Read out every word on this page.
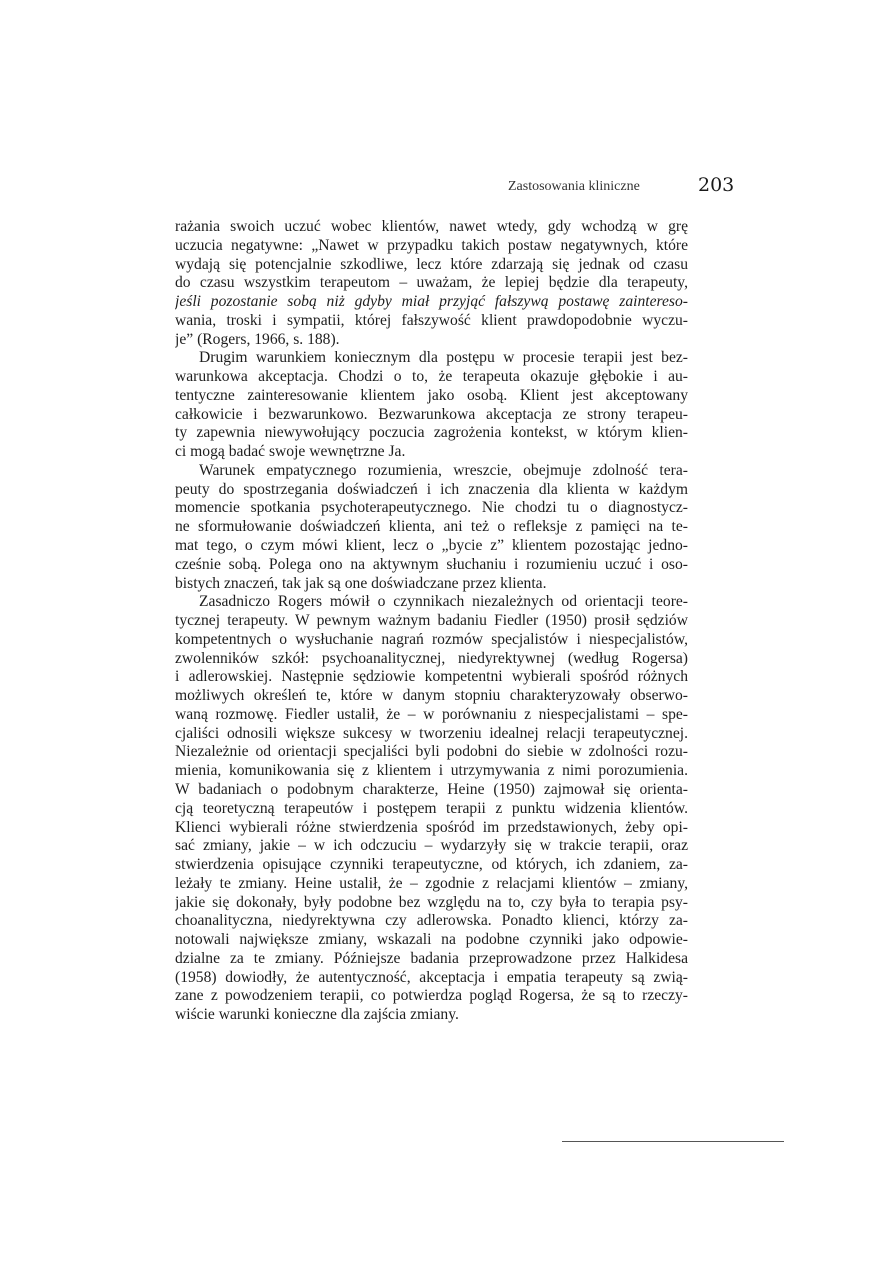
Zastosowania kliniczne	203
rażania swoich uczuć wobec klientów, nawet wtedy, gdy wchodzą w grę
uczucia negatywne: „Nawet w przypadku takich postaw negatywnych, które
wydają się potencjalnie szkodliwe, lecz które zdarzają się jednak od czasu
do czasu wszystkim terapeutom – uważam, że lepiej będzie dla terapeuty,
jeśli pozostanie sobą niż gdyby miał przyjąć fałszywą postawę zaintereso-
wania, troski i sympatii, której fałszywość klient prawdopodobnie wyczu-
je” (Rogers, 1966, s. 188).
Drugim warunkiem koniecznym dla postępu w procesie terapii jest bez-
warunkowa akceptacja. Chodzi o to, że terapeuta okazuje głębokie i au-
tentyczne zainteresowanie klientem jako osobą. Klient jest akceptowany
całkowicie i bezwarunkowo. Bezwarunkowa akceptacja ze strony terapeu-
ty zapewnia niewywołujący poczucia zagrożenia kontekst, w którym klien-
ci mogą badać swoje wewnętrzne Ja.
Warunek empatycznego rozumienia, wreszcie, obejmuje zdolność tera-
peuty do spostrzegania doświadczeń i ich znaczenia dla klienta w każdym
momencie spotkania psychoterapeutycznego. Nie chodzi tu o diagnostycz-
ne sformułowanie doświadczeń klienta, ani też o refleksje z pamięci na te-
mat tego, o czym mówi klient, lecz o „bycie z” klientem pozostając jedno-
cześnie sobą. Polega ono na aktywnym słuchaniu i rozumieniu uczuć i oso-
bistych znaczeń, tak jak są one doświadczane przez klienta.
Zasadniczo Rogers mówił o czynnikach niezależnych od orientacji teore-
tycznej terapeuty. W pewnym ważnym badaniu Fiedler (1950) prosił sędziów
kompetentnych o wysłuchanie nagrań rozmów specjalistów i niespecjalistów,
zwolenników szkół: psychoanalitycznej, niedyrektywnej (według Rogersa)
i adlerowskiej. Następnie sędziowie kompetentni wybierali spośród różnych
możliwych określeń te, które w danym stopniu charakteryzowały obserwo-
waną rozmowę. Fiedler ustalił, że – w porównaniu z niespecjalistami – spe-
cjaliści odnosili większe sukcesy w tworzeniu idealnej relacji terapeutycznej.
Niezależnie od orientacji specjaliści byli podobni do siebie w zdolności rozu-
mienia, komunikowania się z klientem i utrzymywania z nimi porozumienia.
W badaniach o podobnym charakterze, Heine (1950) zajmował się orienta-
cją teoretyczną terapeutów i postępem terapii z punktu widzenia klientów.
Klienci wybierali różne stwierdzenia spośród im przedstawionych, żeby opi-
sać zmiany, jakie – w ich odczuciu – wydarzyły się w trakcie terapii, oraz
stwierdzenia opisujące czynniki terapeutyczne, od których, ich zdaniem, za-
leżały te zmiany. Heine ustalił, że – zgodnie z relacjami klientów – zmiany,
jakie się dokonały, były podobne bez względu na to, czy była to terapia psy-
choanalityczna, niedyrektywna czy adlerowska. Ponadto klienci, którzy za-
notowali największe zmiany, wskazali na podobne czynniki jako odpowie-
dzialne za te zmiany. Późniejsze badania przeprowadzone przez Halkidesa
(1958) dowiodły, że autentyczność, akceptacja i empatia terapeuty są zwią-
zane z powodzeniem terapii, co potwierdza pogląd Rogersa, że są to rzeczy-
wiście warunki konieczne dla zajścia zmiany.
